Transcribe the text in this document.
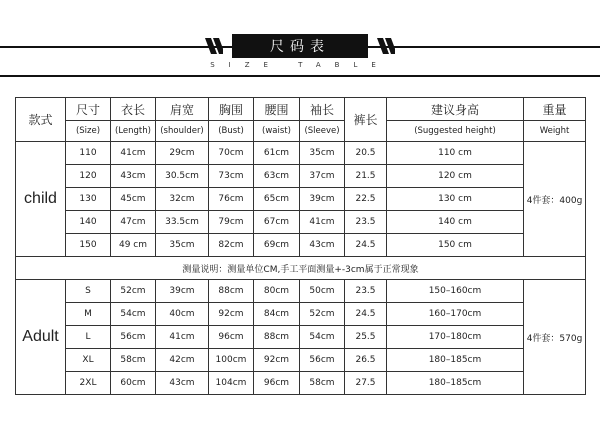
尺码表
SIZE TABLE
款式	尺寸	衣长	肩宽	胸围	腰围	袖长	裤长	建议身高	重量
	(Size)	(Length)	(shoulder)	(Bust)	(waist)	(Sleeve)		(Suggested height)	Weight
child	110	41cm	29cm	70cm	61cm	35cm	20.5	110 cm	4件套：400g
	120	43cm	30.5cm	73cm	63cm	37cm	21.5	120 cm	
	130	45cm	32cm	76cm	65cm	39cm	22.5	130 cm	
	140	47cm	33.5cm	79cm	67cm	41cm	23.5	140 cm	
	150	49 cm	35cm	82cm	69cm	43cm	24.5	150 cm	
测量说明：测量单位CM,手工平面测量+-3cm属于正常现象									
Adult	S	52cm	39cm	88cm	80cm	50cm	23.5	150–160cm	4件套：570g
	M	54cm	40cm	92cm	84cm	52cm	24.5	160–170cm	
	L	56cm	41cm	96cm	88cm	54cm	25.5	170–180cm	
	XL	58cm	42cm	100cm	92cm	56cm	26.5	180–185cm	
	2XL	60cm	43cm	104cm	96cm	58cm	27.5	180–185cm	
